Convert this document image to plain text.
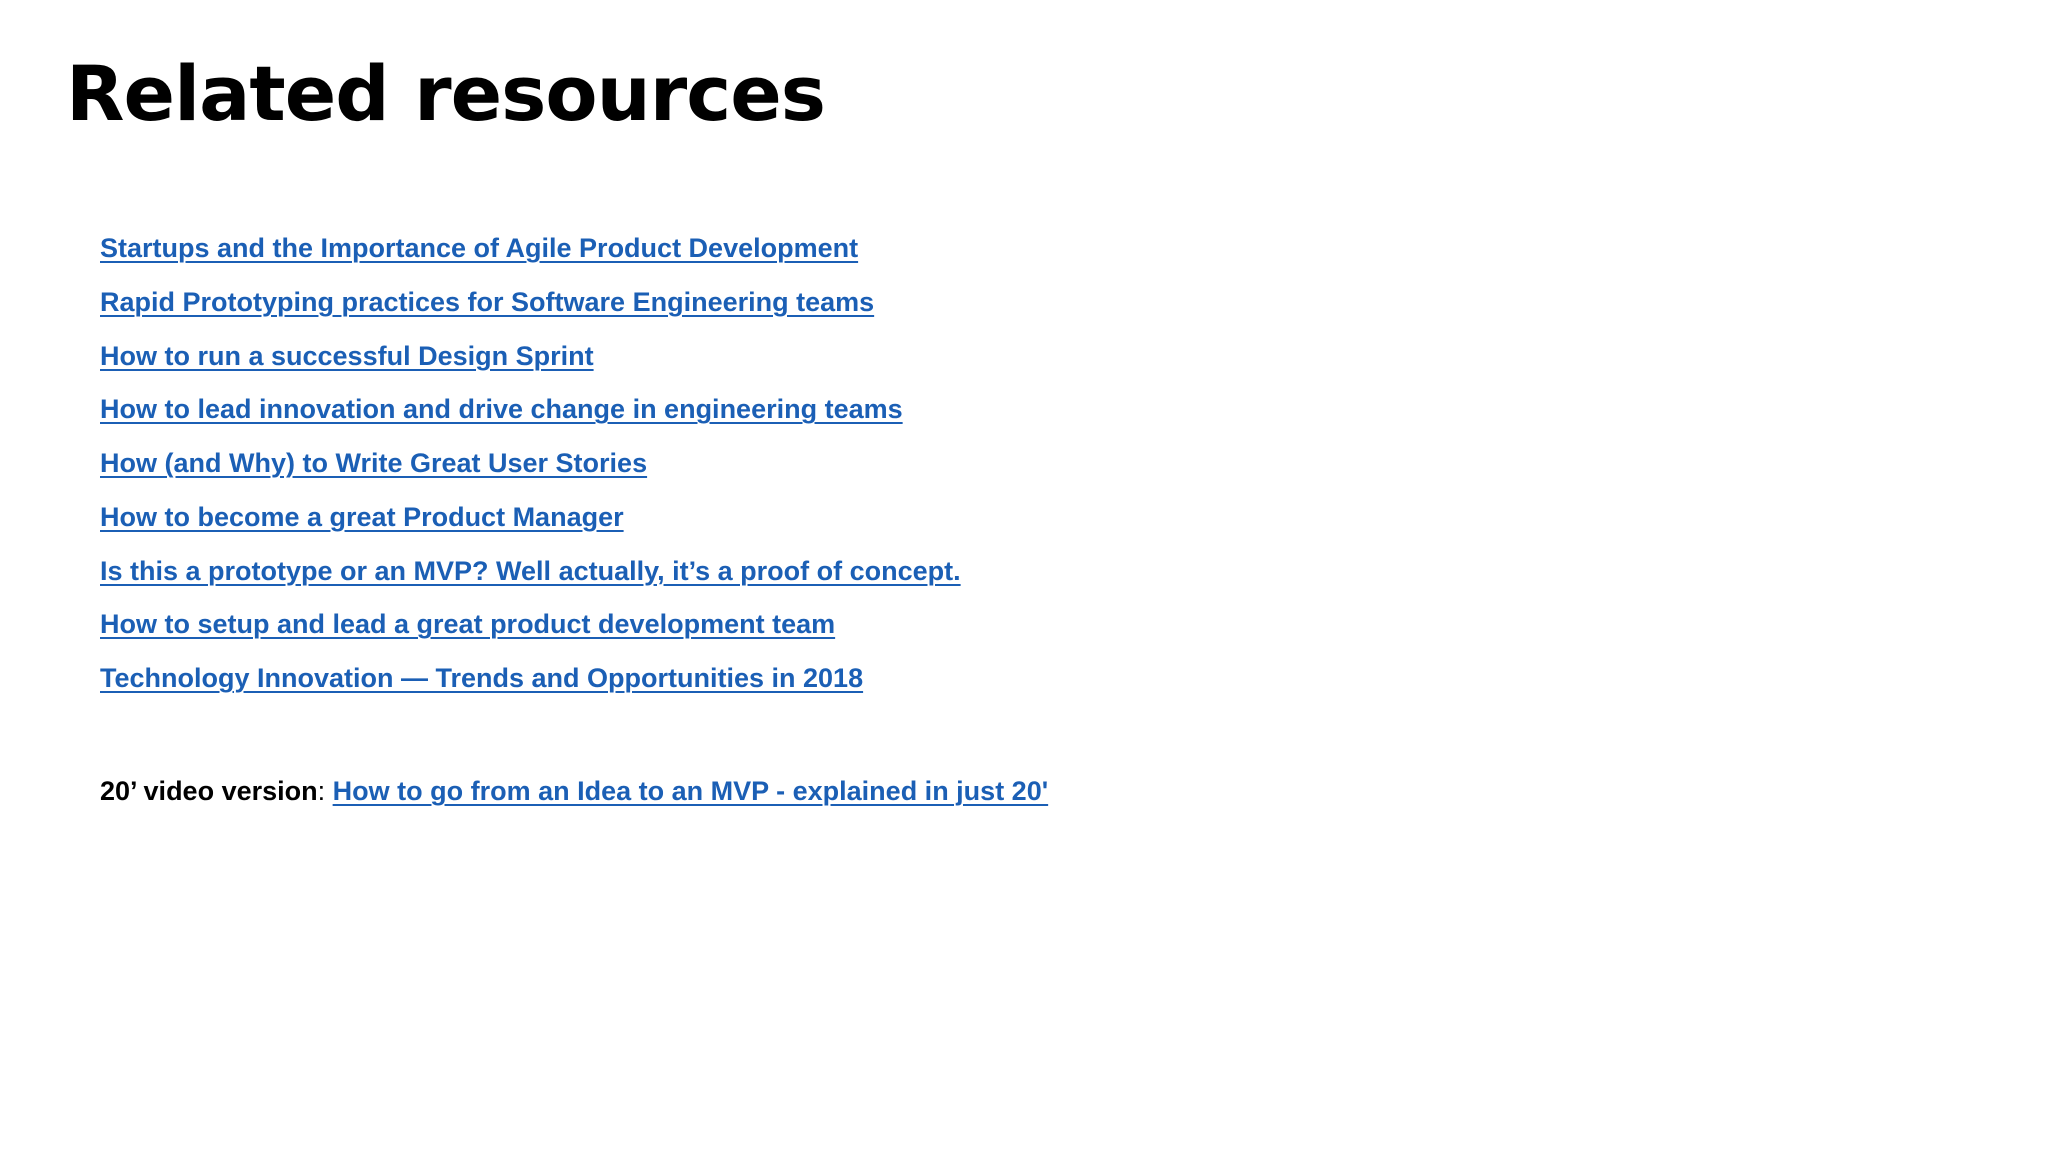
Related resources
Startups and the Importance of Agile Product Development
Rapid Prototyping practices for Software Engineering teams
How to run a successful Design Sprint
How to lead innovation and drive change in engineering teams
How (and Why) to Write Great User Stories
How to become a great Product Manager
Is this a prototype or an MVP? Well actually, it’s a proof of concept.
How to setup and lead a great product development team
Technology Innovation — Trends and Opportunities in 2018
20’ video version: How to go from an Idea to an MVP - explained in just 20'
